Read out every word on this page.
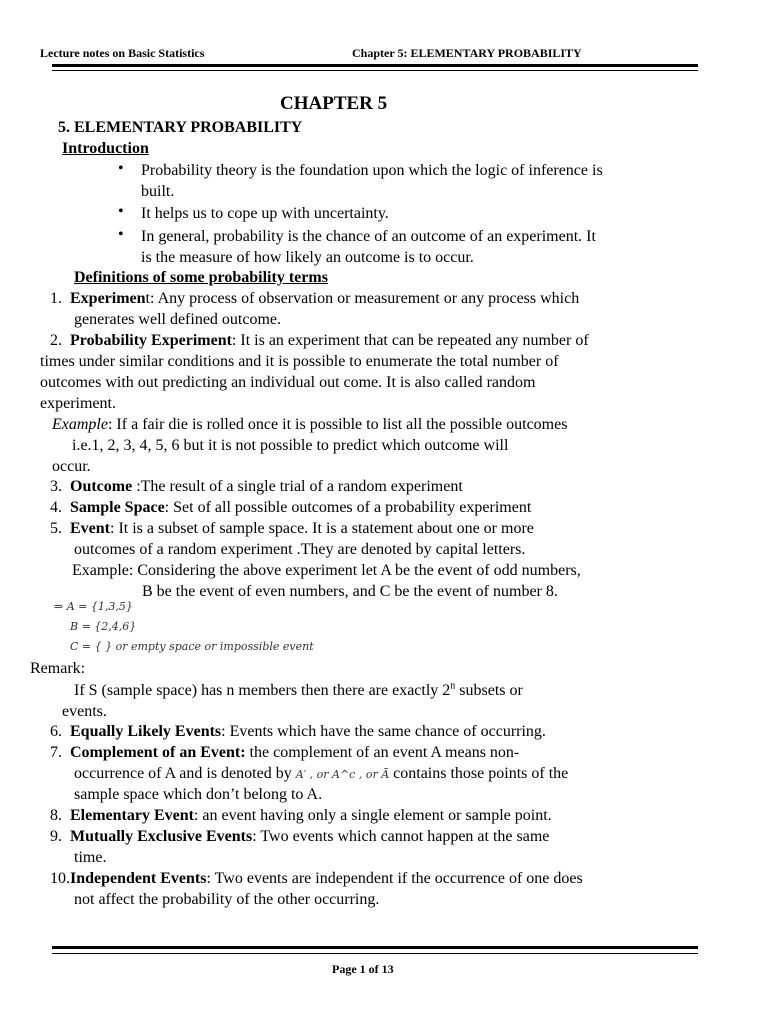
Lecture notes on Basic Statistics	Chapter 5: ELEMENTARY PROBABILITY
CHAPTER 5
5. ELEMENTARY PROBABILITY
Introduction
• Probability theory is the foundation upon which the logic of inference is
built.
• It helps us to cope up with uncertainty.
• In general, probability is the chance of an outcome of an experiment. It
is the measure of how likely an outcome is to occur.
Definitions of some probability terms
1. Experiment: Any process of observation or measurement or any process which
generates well defined outcome.
2. Probability Experiment: It is an experiment that can be repeated any number of
times under similar conditions and it is possible to enumerate the total number of
outcomes with out predicting an individual out come. It is also called random
experiment.
Example: If a fair die is rolled once it is possible to list all the possible outcomes
i.e.1, 2, 3, 4, 5, 6 but it is not possible to predict which outcome will
occur.
3. Outcome :The result of a single trial of a random experiment
4. Sample Space: Set of all possible outcomes of a probability experiment
5. Event: It is a subset of sample space. It is a statement about one or more
outcomes of a random experiment .They are denoted by capital letters.
Example: Considering the above experiment let A be the event of odd numbers,
B be the event of even numbers, and C be the event of number 8.
⇒ A = {1,3,5}
B = {2,4,6}
C = { } or empty space or impossible event
Remark:
If S (sample space) has n members then there are exactly 2$^n$ subsets or
events.
6. Equally Likely Events: Events which have the same chance of occurring.
7. Complement of an Event: the complement of an event A means non-
occurrence of A and is denoted by A′ , or A^c , or Ā contains those points of the
sample space which don’t belong to A.
8. Elementary Event: an event having only a single element or sample point.
9. Mutually Exclusive Events: Two events which cannot happen at the same
time.
10.Independent Events: Two events are independent if the occurrence of one does
not affect the probability of the other occurring.
Page 1 of 13
